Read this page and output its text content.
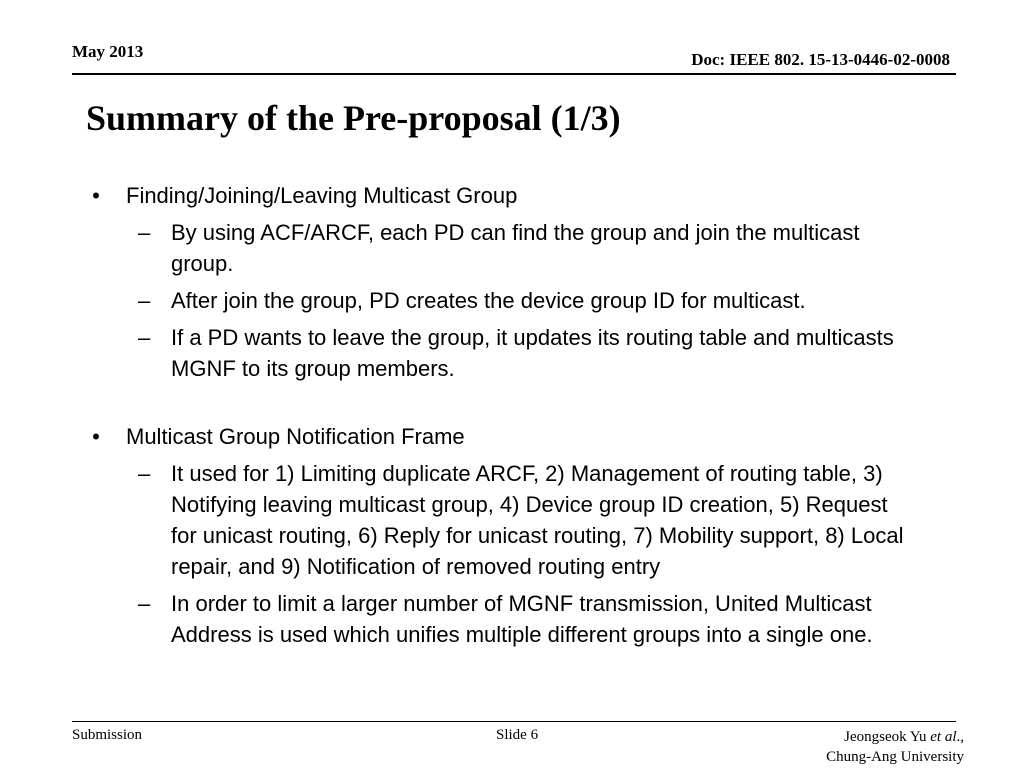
May 2013	Doc: IEEE 802. 15-13-0446-02-0008
Summary of the Pre-proposal (1/3)
• Finding/Joining/Leaving Multicast Group
– By using ACF/ARCF, each PD can find the group and join the multicast group.
– After join the group, PD creates the device group ID for multicast.
– If a PD wants to leave the group, it updates its routing table and multicasts MGNF to its group members.
• Multicast Group Notification Frame
– It used for 1) Limiting duplicate ARCF, 2) Management of routing table, 3) Notifying leaving multicast group, 4) Device group ID creation, 5) Request for unicast routing, 6) Reply for unicast routing, 7) Mobility support, 8) Local repair, and 9) Notification of removed routing entry
– In order to limit a larger number of MGNF transmission, United Multicast Address is used which unifies multiple different groups into a single one.
Submission	Slide 6	Jeongseok Yu et al.,
Chung-Ang University
